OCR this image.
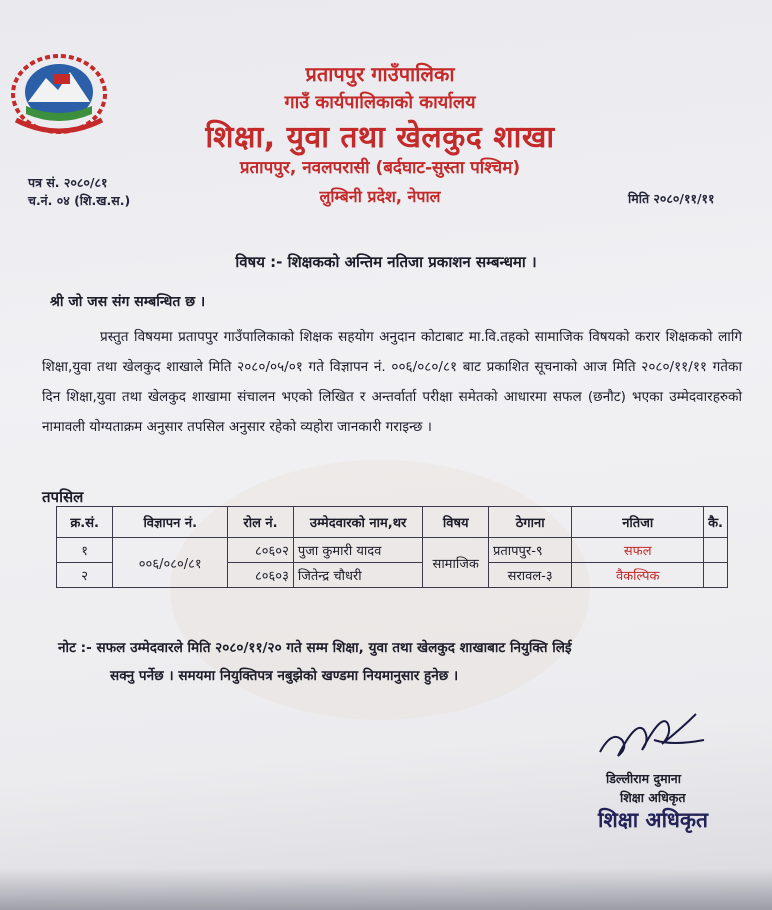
प्रतापपुर गाउँपालिका
गाउँ कार्यपालिकाको कार्यालय
शिक्षा, युवा तथा खेलकुद शाखा
प्रतापपुर, नवलपरासी (बर्दघाट-सुस्ता पश्चिम)
लुम्बिनी प्रदेश, नेपाल
पत्र सं. २०८०/८१
च.नं. ०४ (शि.ख.स.)	मिति २०८०/११/११
विषय :- शिक्षकको अन्तिम नतिजा प्रकाशन सम्बन्धमा ।
श्री जो जस संग सम्बन्धित छ ।
प्रस्तुत विषयमा प्रतापपुर गाउँपालिकाको शिक्षक सहयोग अनुदान कोटाबाट मा.वि.तहको सामाजिक विषयको करार शिक्षकको लागि शिक्षा,युवा तथा खेलकुद शाखाले मिति २०८०/०५/०१ गते विज्ञापन नं. ००६/०८०/८१ बाट प्रकाशित सूचनाको आज मिति २०८०/११/११ गतेका दिन शिक्षा,युवा तथा खेलकुद शाखामा संचालन भएको लिखित र अन्तर्वार्ता परीक्षा समेतको आधारमा सफल (छनौट) भएका उम्मेदवारहरुको नामावली योग्यताक्रम अनुसार तपसिल अनुसार रहेको व्यहोरा जानकारी गराइन्छ ।
तपसिल
क्र.सं.	विज्ञापन नं.	रोल नं.	उम्मेदवारको नाम,थर	विषय	ठेगाना	नतिजा	कै.
१	००६/०८०/८१	८०६०२	पुजा कुमारी यादव	सामाजिक	प्रतापपुर-९	सफल	
२		८०६०३	जितेन्द्र चौधरी		सरावल-३	वैकल्पिक	
नोट :- सफल उम्मेदवारले मिति २०८०/११/२० गते सम्म शिक्षा, युवा तथा खेलकुद शाखाबाट नियुक्ति लिई
सक्नु पर्नेछ । समयमा नियुक्तिपत्र नबुझेको खण्डमा नियमानुसार हुनेछ ।
डिल्लीराम दुमाना
शिक्षा अधिकृत
शिक्षा अधिकृत
